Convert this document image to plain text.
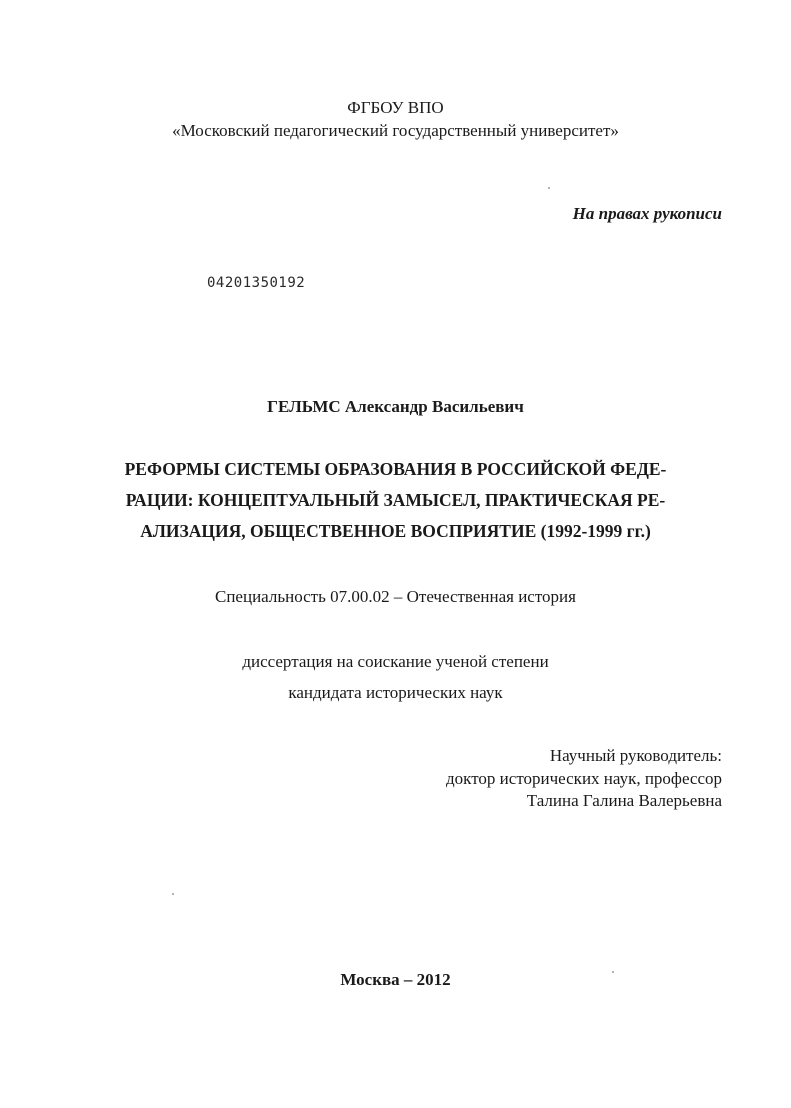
ФГБОУ ВПО
«Московский педагогический государственный университет»
На правах рукописи
04201350192
ГЕЛЬМС Александр Васильевич
РЕФОРМЫ СИСТЕМЫ ОБРАЗОВАНИЯ В РОССИЙСКОЙ ФЕДЕ-
РАЦИИ: КОНЦЕПТУАЛЬНЫЙ ЗАМЫСЕЛ, ПРАКТИЧЕСКАЯ РЕ-
АЛИЗАЦИЯ, ОБЩЕСТВЕННОЕ ВОСПРИЯТИЕ (1992-1999 гг.)
Специальность 07.00.02 – Отечественная история
диссертация на соискание ученой степени
кандидата исторических наук
Научный руководитель:
доктор исторических наук, профессор
Талина Галина Валерьевна
Москва – 2012
